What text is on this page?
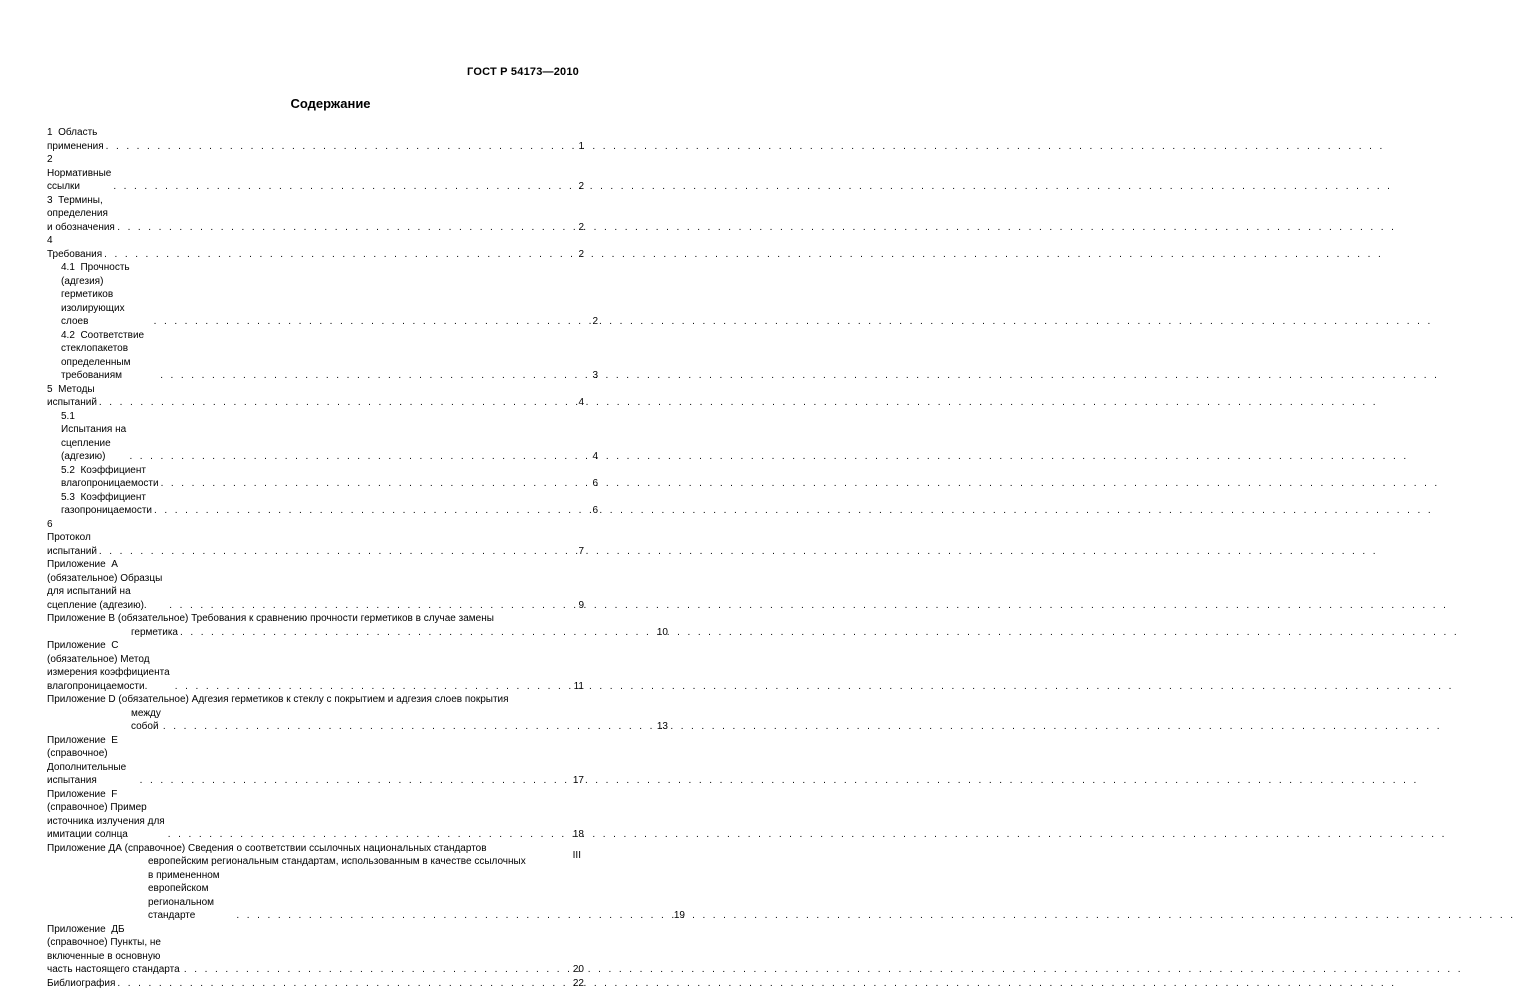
ГОСТ Р 54173—2010
Содержание
1  Область применения . . .	1
2  Нормативные ссылки . . .	2
3  Термины, определения и обозначения . . .	2
4  Требования . . .	2
4.1  Прочность (адгезия) герметиков изолирующих слоев . . .	2
4.2  Соответствие стеклопакетов определенным требованиям . . .	3
5  Методы испытаний . . .	4
5.1  Испытания на сцепление (адгезию) . . .	4
5.2  Коэффициент влагопроницаемости . . .	6
5.3  Коэффициент газопроницаемости . . .	6
6  Протокол испытаний . . .	7
Приложение  А (обязательное) Образцы для испытаний на сцепление (адгезию). . . .	9
Приложение В (обязательное) Требования к сравнению прочности герметиков в случае замены
герметика . . .	10
Приложение  С (обязательное) Метод измерения коэффициента влагопроницаемости. . . .	11
Приложение D (обязательное) Адгезия герметиков к стеклу с покрытием и адгезия слоев покрытия
между собой . . .	13
Приложение  Е (справочное) Дополнительные испытания . . .	17
Приложение  F (справочное) Пример источника излучения для имитации солнца . . .	18
Приложение ДА (справочное) Сведения о соответствии ссылочных национальных стандартов
европейским региональным стандартам, использованным в качестве ссылочных
в примененном европейском региональном стандарте . . .	19
Приложение  ДБ (справочное) Пункты, не включенные в основную часть настоящего стандарта . . .	20
Библиография . . .	22
III
